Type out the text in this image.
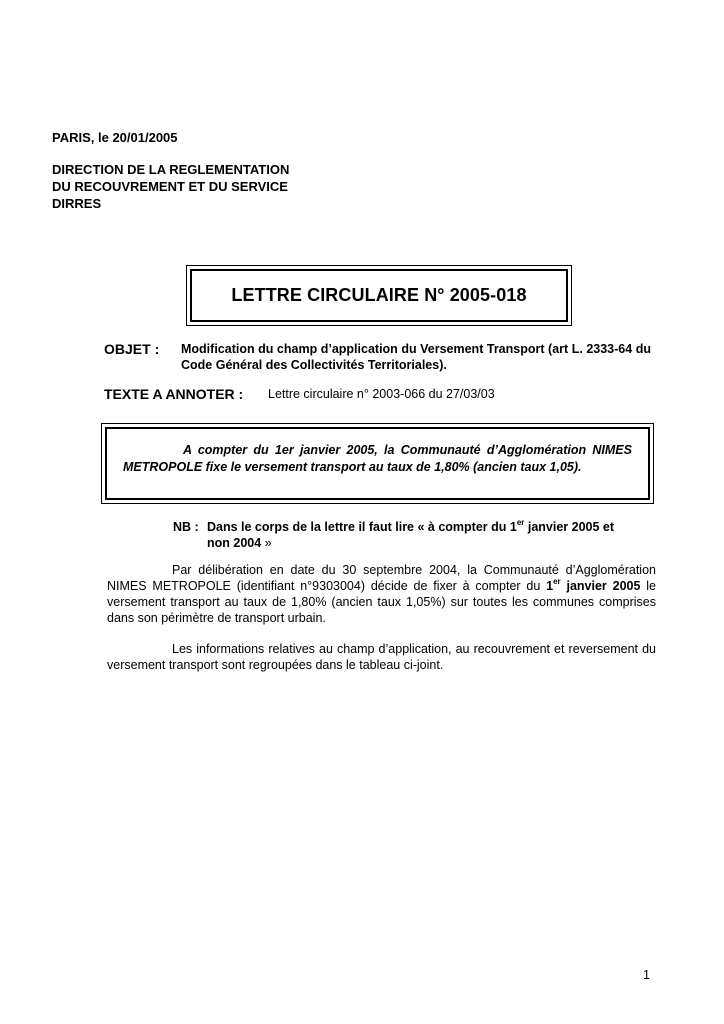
PARIS, le 20/01/2005
DIRECTION DE LA REGLEMENTATION
DU RECOUVREMENT ET DU SERVICE
DIRRES
LETTRE CIRCULAIRE N° 2005-018
OBJET : Modification du champ d’application du Versement Transport (art L. 2333-64 du Code Général des Collectivités Territoriales).
TEXTE A ANNOTER : Lettre circulaire n° 2003-066 du 27/03/03
A compter du 1er janvier 2005, la Communauté d’Agglomération NIMES METROPOLE fixe le versement transport au taux de 1,80% (ancien taux 1,05).
NB : Dans le corps de la lettre il faut lire « à compter du 1er janvier 2005 et
non 2004 »
Par délibération en date du 30 septembre 2004, la Communauté d’Agglomération NIMES METROPOLE (identifiant n°9303004) décide de fixer à compter du 1er janvier 2005 le versement transport au taux de 1,80% (ancien taux 1,05%) sur toutes les communes comprises dans son périmètre de transport urbain.
Les informations relatives au champ d’application, au recouvrement et reversement du versement transport sont regroupées dans le tableau ci-joint.
1
